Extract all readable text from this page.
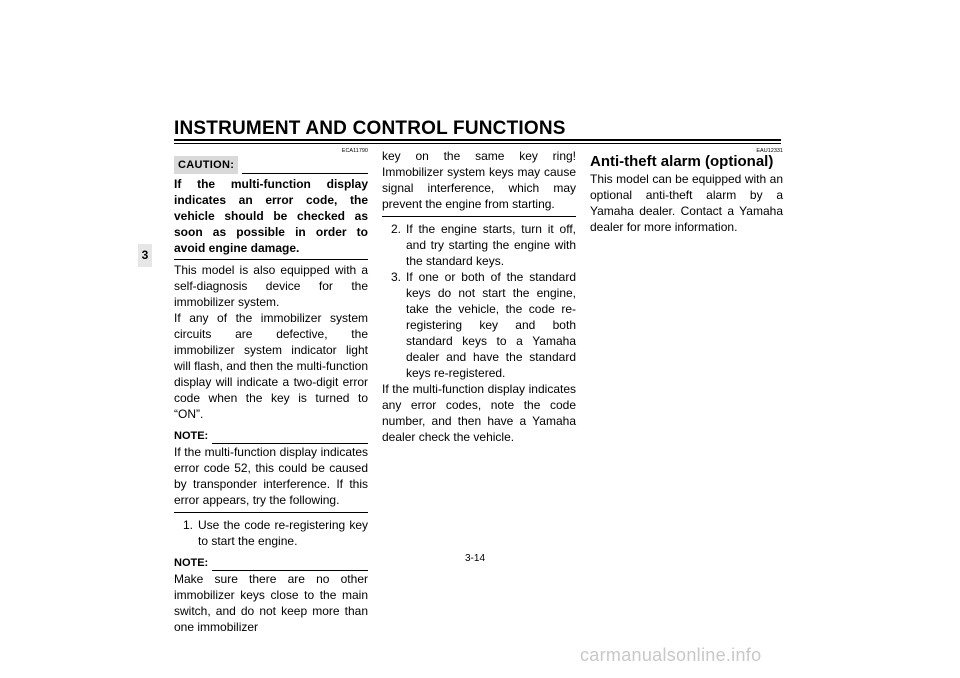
INSTRUMENT AND CONTROL FUNCTIONS
3
ECA11790
CAUTION:
If the multi-function display indicates an error code, the vehicle should be checked as soon as possible in order to avoid engine damage.

This model is also equipped with a self-diagnosis device for the immobilizer system.

If any of the immobilizer system circuits are defective, the immobilizer system indicator light will flash, and then the multi-function display will indicate a two-digit error code when the key is turned to “ON”.

NOTE:

If the multi-function display indicates error code 52, this could be caused by transponder interference. If this error appears, try the following.

1. Use the code re-registering key to start the engine.
NOTE:

Make sure there are no other immobilizer keys close to the main switch, and do not keep more than one immobilizer

key on the same key ring! Immobilizer system keys may cause signal interference, which may prevent the engine from starting.

2. If the engine starts, turn it off, and try starting the engine with the standard keys.
3. If one or both of the standard keys do not start the engine, take the vehicle, the code re-registering key and both standard keys to a Yamaha dealer and have the standard keys re-registered.

If the multi-function display indicates any error codes, note the code number, and then have a Yamaha dealer check the vehicle.

EAU12331
Anti-theft alarm (optional)

This model can be equipped with an optional anti-theft alarm by a Yamaha dealer. Contact a Yamaha dealer for more information.

3-14
carmanualsonline.info
